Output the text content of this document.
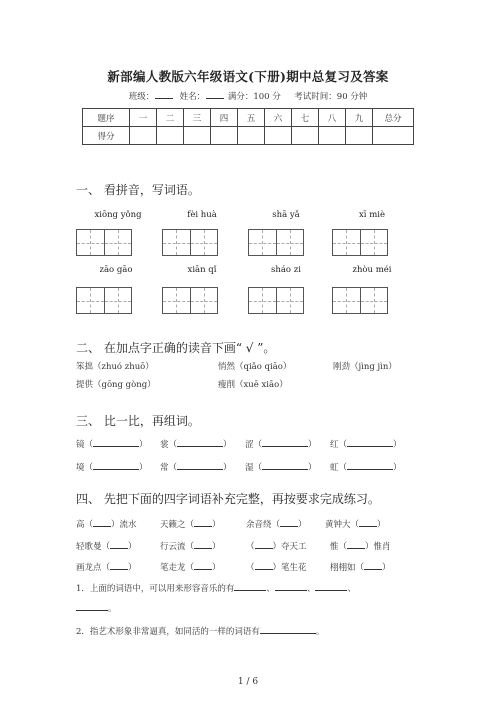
新部编人教版六年级语文(下册)期中总复习及答案
班级：	姓名：	满分：100 分 考试时间：90 分钟
题序	一	二	三	四	五	六	七	八	九	总分
得分										
一、 看拼音，写词语。
xiōng yǒng	fèi huà	shā yǎ	xī miè
zāo gāo	xiān qǐ	sháo zi	zhòu méi
二、 在加点字正确的读音下画“ √ ”。
笨拙（zhuó zhuō）	悄然（qiǎo qiāo）	刚劲（jìng jìn）
提供（gōng gòng）	瘦削（xuē xiāo）
三、 比一比，再组词。
镜（	） 裳（	） 涩（	） 红（	）
境（	） 常（	） 湿（	） 虹（	）
四、 先把下面的四字词语补充完整，再按要求完成练习。
高（ ）流水	天籁之（ ）	余音绕（ ） 黄钟大（ ）
轻歌曼（ ）	行云流（ ）	（ ）夺天工	惟（ ）惟肖
画龙点（ ）	笔走龙（ ）	（ ）笔生花	栩栩如（ ）
1．上面的词语中，可以用来形容音乐的有	、	、	、
。
2．指艺术形象非常逼真，如同活的一样的词语有	。
1 / 6
